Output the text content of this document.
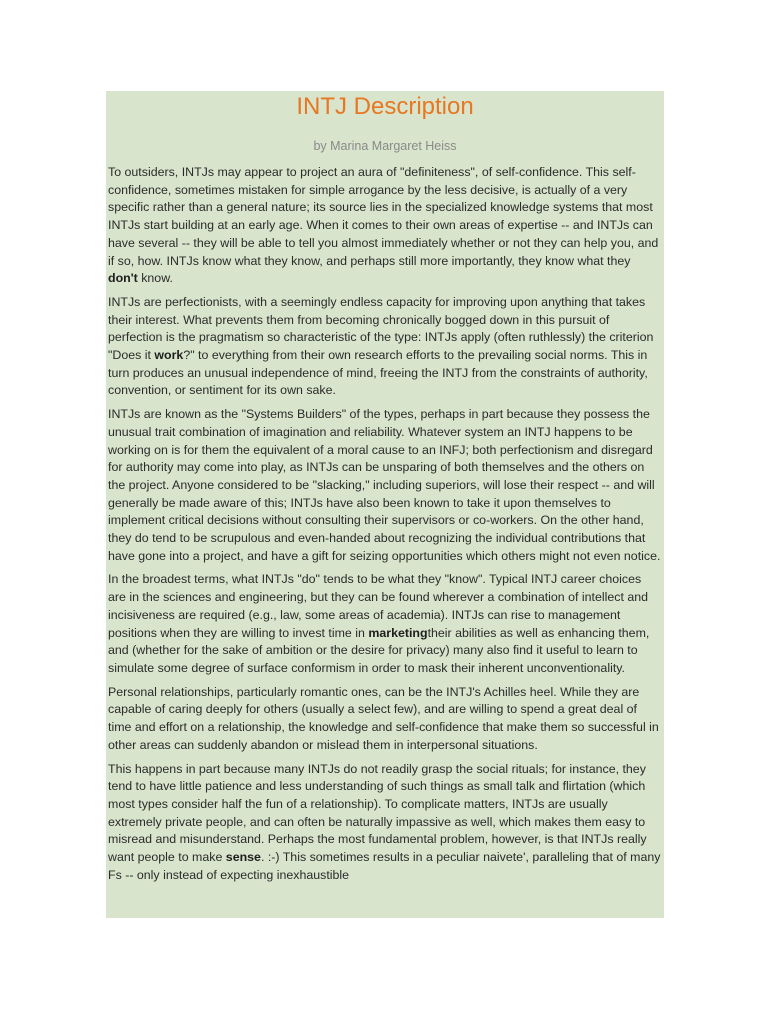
INTJ Description

by Marina Margaret Heiss

To outsiders, INTJs may appear to project an aura of "definiteness", of self-confidence. This self-confidence, sometimes mistaken for simple arrogance by the less decisive, is actually of a very specific rather than a general nature; its source lies in the specialized knowledge systems that most INTJs start building at an early age. When it comes to their own areas of expertise -- and INTJs can have several -- they will be able to tell you almost immediately whether or not they can help you, and if so, how. INTJs know what they know, and perhaps still more importantly, they know what they don't know.

INTJs are perfectionists, with a seemingly endless capacity for improving upon anything that takes their interest. What prevents them from becoming chronically bogged down in this pursuit of perfection is the pragmatism so characteristic of the type: INTJs apply (often ruthlessly) the criterion "Does it work?" to everything from their own research efforts to the prevailing social norms. This in turn produces an unusual independence of mind, freeing the INTJ from the constraints of authority, convention, or sentiment for its own sake.

INTJs are known as the "Systems Builders" of the types, perhaps in part because they possess the unusual trait combination of imagination and reliability. Whatever system an INTJ happens to be working on is for them the equivalent of a moral cause to an INFJ; both perfectionism and disregard for authority may come into play, as INTJs can be unsparing of both themselves and the others on the project. Anyone considered to be "slacking," including superiors, will lose their respect -- and will generally be made aware of this; INTJs have also been known to take it upon themselves to implement critical decisions without consulting their supervisors or co-workers. On the other hand, they do tend to be scrupulous and even-handed about recognizing the individual contributions that have gone into a project, and have a gift for seizing opportunities which others might not even notice.

In the broadest terms, what INTJs "do" tends to be what they "know". Typical INTJ career choices are in the sciences and engineering, but they can be found wherever a combination of intellect and incisiveness are required (e.g., law, some areas of academia). INTJs can rise to management positions when they are willing to invest time in marketingtheir abilities as well as enhancing them, and (whether for the sake of ambition or the desire for privacy) many also find it useful to learn to simulate some degree of surface conformism in order to mask their inherent unconventionality.

Personal relationships, particularly romantic ones, can be the INTJ's Achilles heel. While they are capable of caring deeply for others (usually a select few), and are willing to spend a great deal of time and effort on a relationship, the knowledge and self-confidence that make them so successful in other areas can suddenly abandon or mislead them in interpersonal situations.

This happens in part because many INTJs do not readily grasp the social rituals; for instance, they tend to have little patience and less understanding of such things as small talk and flirtation (which most types consider half the fun of a relationship). To complicate matters, INTJs are usually extremely private people, and can often be naturally impassive as well, which makes them easy to misread and misunderstand. Perhaps the most fundamental problem, however, is that INTJs really want people to make sense. :-) This sometimes results in a peculiar naivete', paralleling that of many Fs -- only instead of expecting inexhaustible
